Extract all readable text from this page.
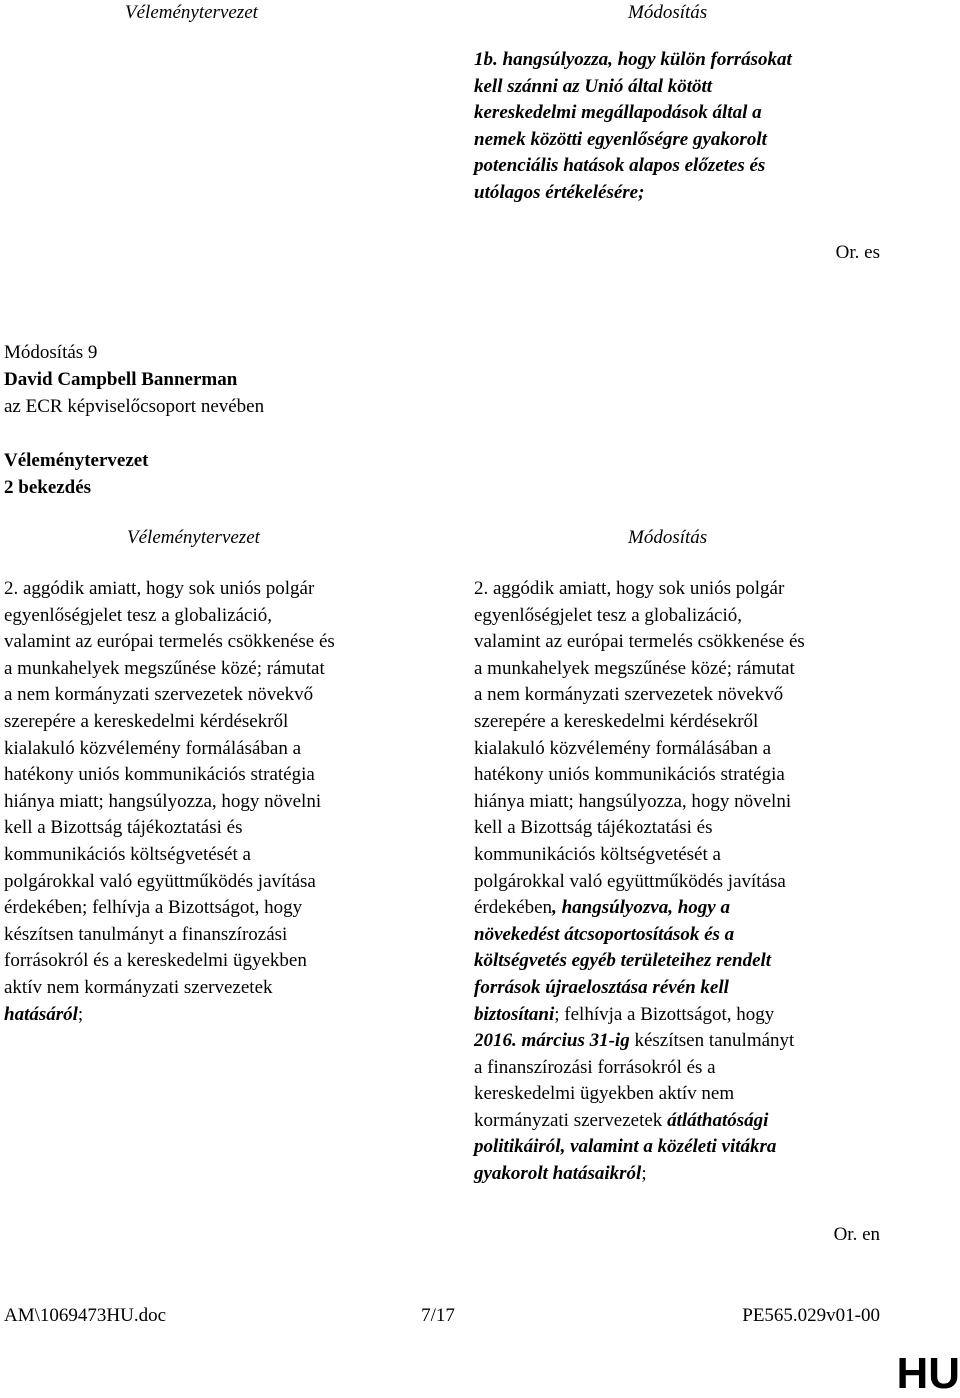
Véleménytervezet	Módosítás
1b. hangsúlyozza, hogy külön forrásokat
kell szánni az Unió által kötött
kereskedelmi megállapodások által a
nemek közötti egyenlőségre gyakorolt
potenciális hatások alapos előzetes és
utólagos értékelésére;
Or. es
Módosítás 9
David Campbell Bannerman
az ECR képviselőcsoport nevében
Véleménytervezet
2 bekezdés
Véleménytervezet	Módosítás
2. aggódik amiatt, hogy sok uniós polgár
egyenlőségjelet tesz a globalizáció,
valamint az európai termelés csökkenése és
a munkahelyek megszűnése közé; rámutat
a nem kormányzati szervezetek növekvő
szerepére a kereskedelmi kérdésekről
kialakuló közvélemény formálásában a
hatékony uniós kommunikációs stratégia
hiánya miatt; hangsúlyozza, hogy növelni
kell a Bizottság tájékoztatási és
kommunikációs költségvetését a
polgárokkal való együttműködés javítása
érdekében; felhívja a Bizottságot, hogy
készítsen tanulmányt a finanszírozási
forrásokról és a kereskedelmi ügyekben
aktív nem kormányzati szervezetek
hatásáról;
2. aggódik amiatt, hogy sok uniós polgár
egyenlőségjelet tesz a globalizáció,
valamint az európai termelés csökkenése és
a munkahelyek megszűnése közé; rámutat
a nem kormányzati szervezetek növekvő
szerepére a kereskedelmi kérdésekről
kialakuló közvélemény formálásában a
hatékony uniós kommunikációs stratégia
hiánya miatt; hangsúlyozza, hogy növelni
kell a Bizottság tájékoztatási és
kommunikációs költségvetését a
polgárokkal való együttműködés javítása
érdekében, hangsúlyozva, hogy a
növekedést átcsoportosítások és a
költségvetés egyéb területeihez rendelt
források újraelosztása révén kell
biztosítani; felhívja a Bizottságot, hogy
2016. március 31-ig készítsen tanulmányt
a finanszírozási forrásokról és a
kereskedelmi ügyekben aktív nem
kormányzati szervezetek átláthatósági
politikáiról, valamint a közéleti vitákra
gyakorolt hatásaikról;
Or. en
AM\1069473HU.doc	7/17	PE565.029v01-00
HU
